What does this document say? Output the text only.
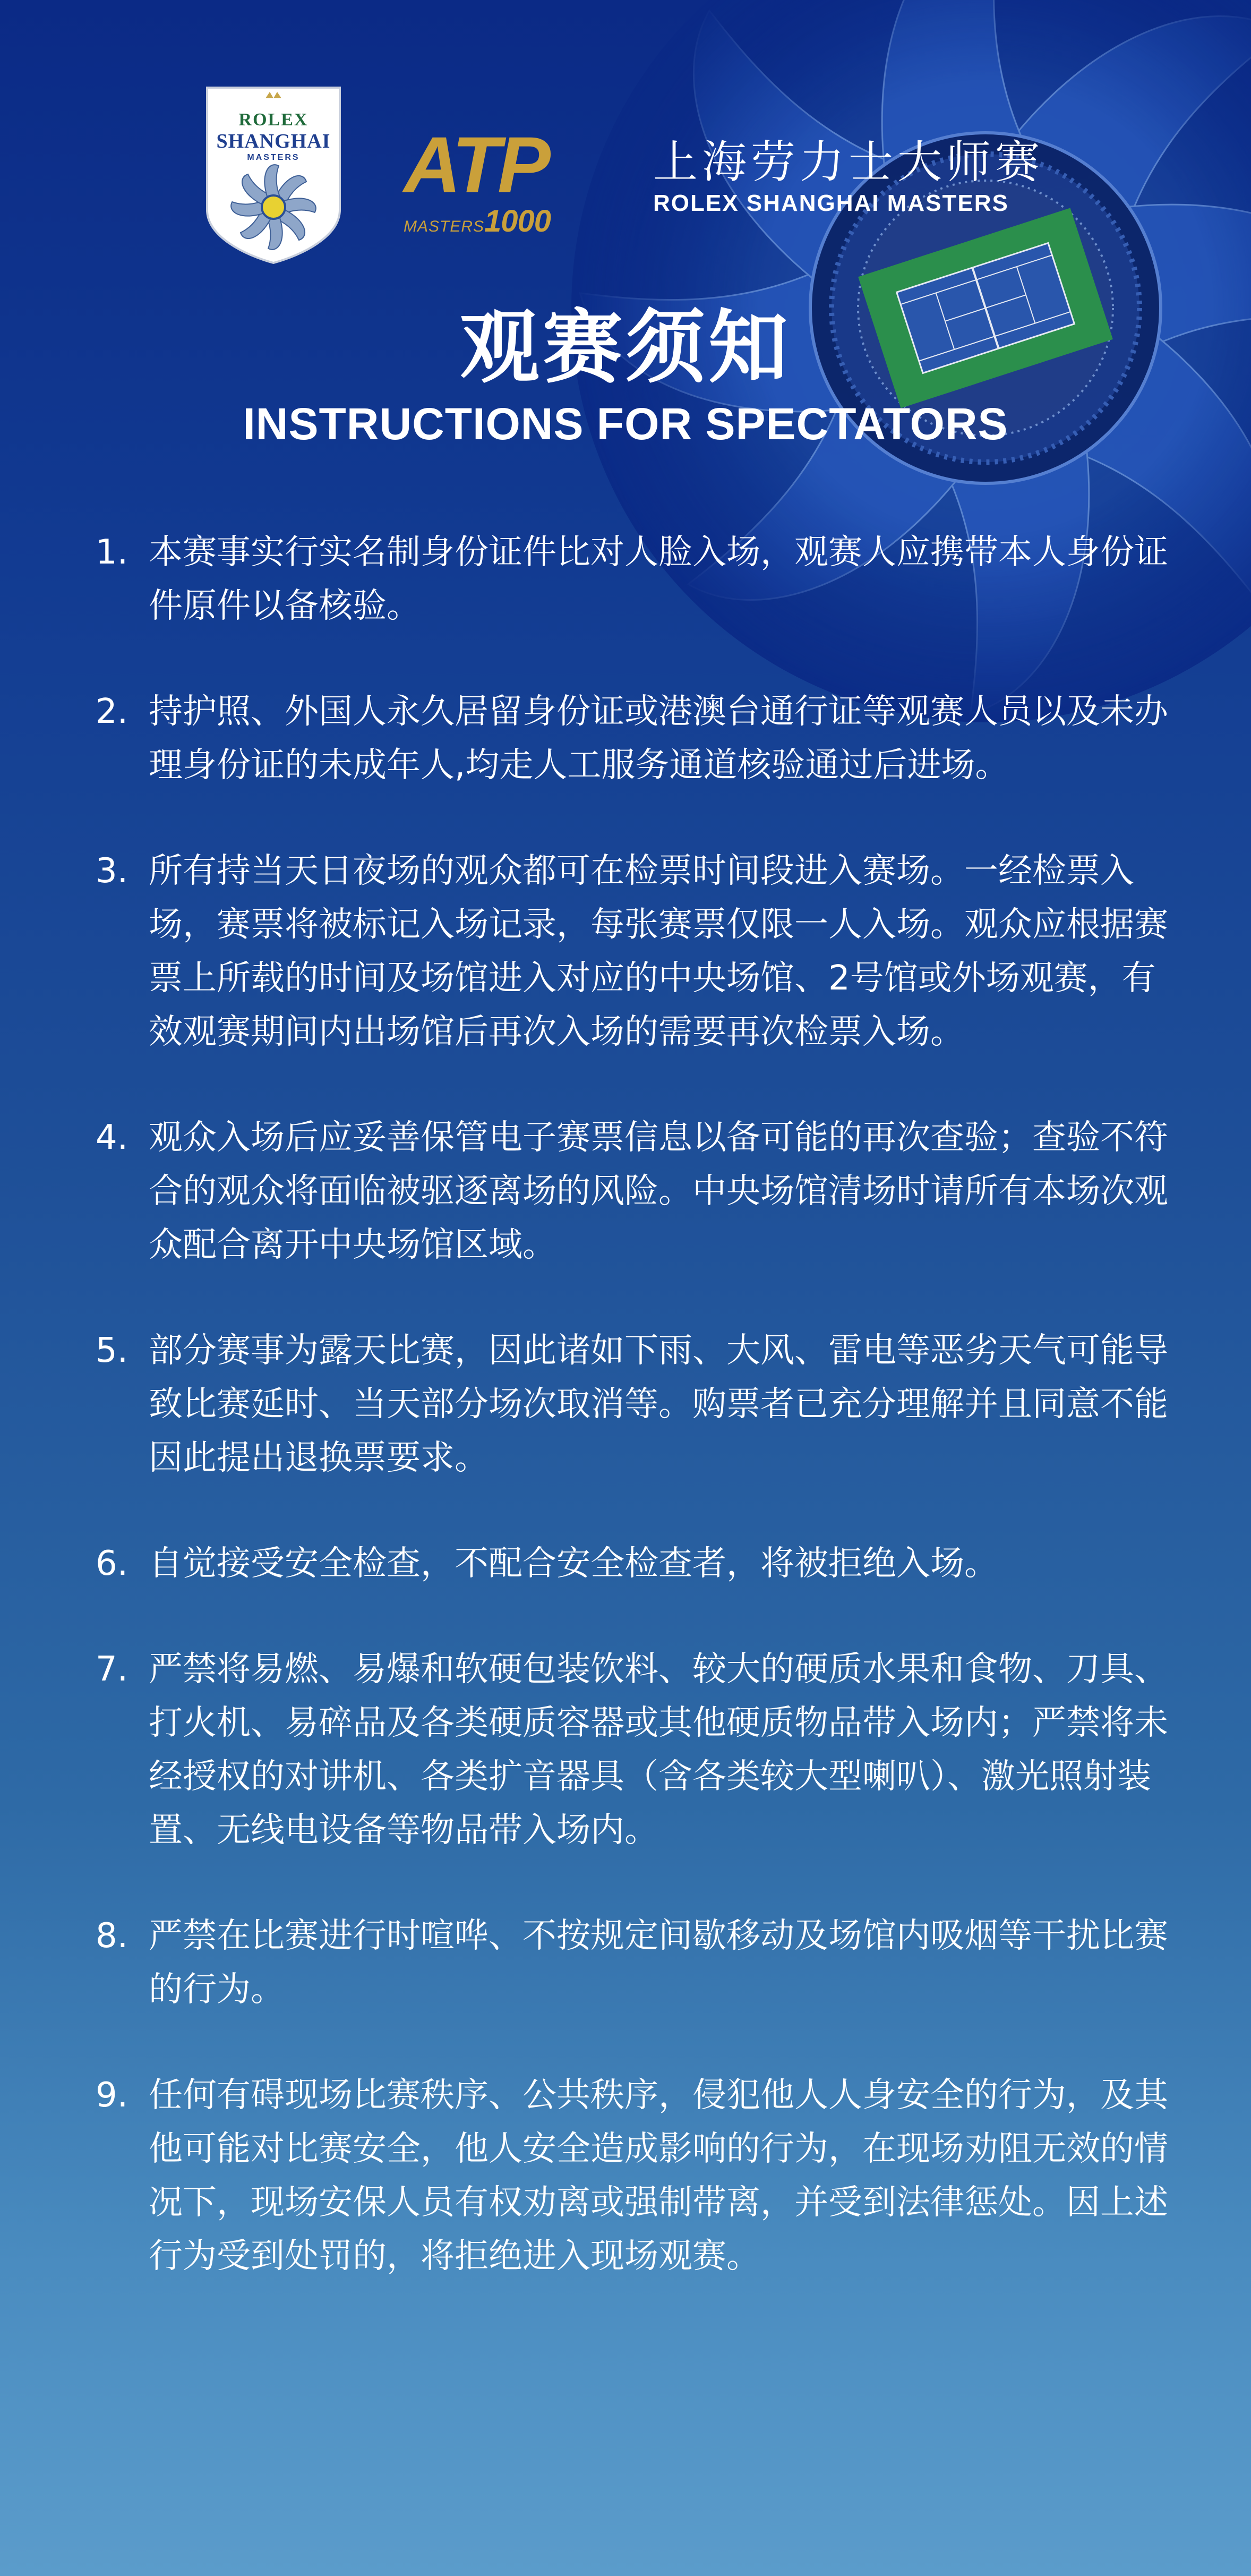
ROLEX
SHANGHAI
MASTERS	ATP
MASTERS1000
上海劳力士大师赛
ROLEX SHANGHAI MASTERS
观赛须知
INSTRUCTIONS FOR SPECTATORS
1. 本赛事实行实名制身份证件比对人脸入场，观赛人应携带本人身份证件原件以备核验。
2. 持护照、外国人永久居留身份证或港澳台通行证等观赛人员以及未办理身份证的未成年人,均走人工服务通道核验通过后进场。
3. 所有持当天日夜场的观众都可在检票时间段进入赛场。一经检票入场，赛票将被标记入场记录，每张赛票仅限一人入场。观众应根据赛票上所载的时间及场馆进入对应的中央场馆、2号馆或外场观赛，有效观赛期间内出场馆后再次入场的需要再次检票入场。
4. 观众入场后应妥善保管电子赛票信息以备可能的再次查验；查验不符合的观众将面临被驱逐离场的风险。中央场馆清场时请所有本场次观众配合离开中央场馆区域。
5. 部分赛事为露天比赛，因此诸如下雨、大风、雷电等恶劣天气可能导致比赛延时、当天部分场次取消等。购票者已充分理解并且同意不能因此提出退换票要求。
6. 自觉接受安全检查，不配合安全检查者，将被拒绝入场。
7. 严禁将易燃、易爆和软硬包装饮料、较大的硬质水果和食物、刀具、打火机、易碎品及各类硬质容器或其他硬质物品带入场内；严禁将未经授权的对讲机、各类扩音器具（含各类较大型喇叭）、激光照射装置、无线电设备等物品带入场内。
8. 严禁在比赛进行时喧哗、不按规定间歇移动及场馆内吸烟等干扰比赛的行为。
9. 任何有碍现场比赛秩序、公共秩序，侵犯他人人身安全的行为，及其他可能对比赛安全，他人安全造成影响的行为，在现场劝阻无效的情况下，现场安保人员有权劝离或强制带离，并受到法律惩处。因上述行为受到处罚的，将拒绝进入现场观赛。
